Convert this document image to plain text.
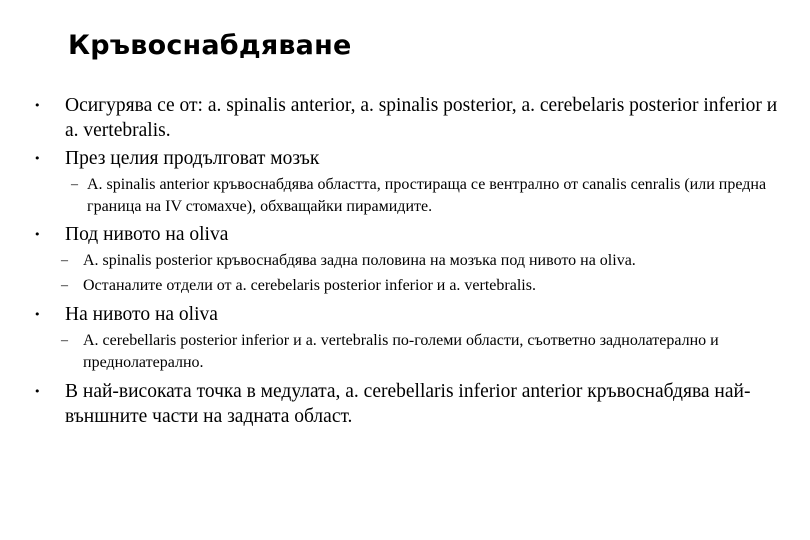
Кръвоснабдяване
• Осигурява се от: a. spinalis anterior, a. spinalis posterior, a. cerebelaris posterior inferior и a. vertebralis.
• През целия продълговат мозък
– A. spinalis anterior кръвоснабдява областта, простираща се вентрално от canalis cenralis (или предна граница на IV стомахче), обхващайки пирамидите.
• Под нивото на oliva
– A. spinalis posterior кръвоснабдява задна половина на мозъка под нивото на oliva.
– Останалите отдели от a. cerebelaris posterior inferior и a. vertebralis.
• На нивото на oliva
– A. cerebellaris posterior inferior и a. vertebralis по-големи области, съответно заднолатерално и преднолатерално.
• В най-високата точка в медулата, a. cerebellaris inferior anterior кръвоснабдява най-външните части на задната област.
